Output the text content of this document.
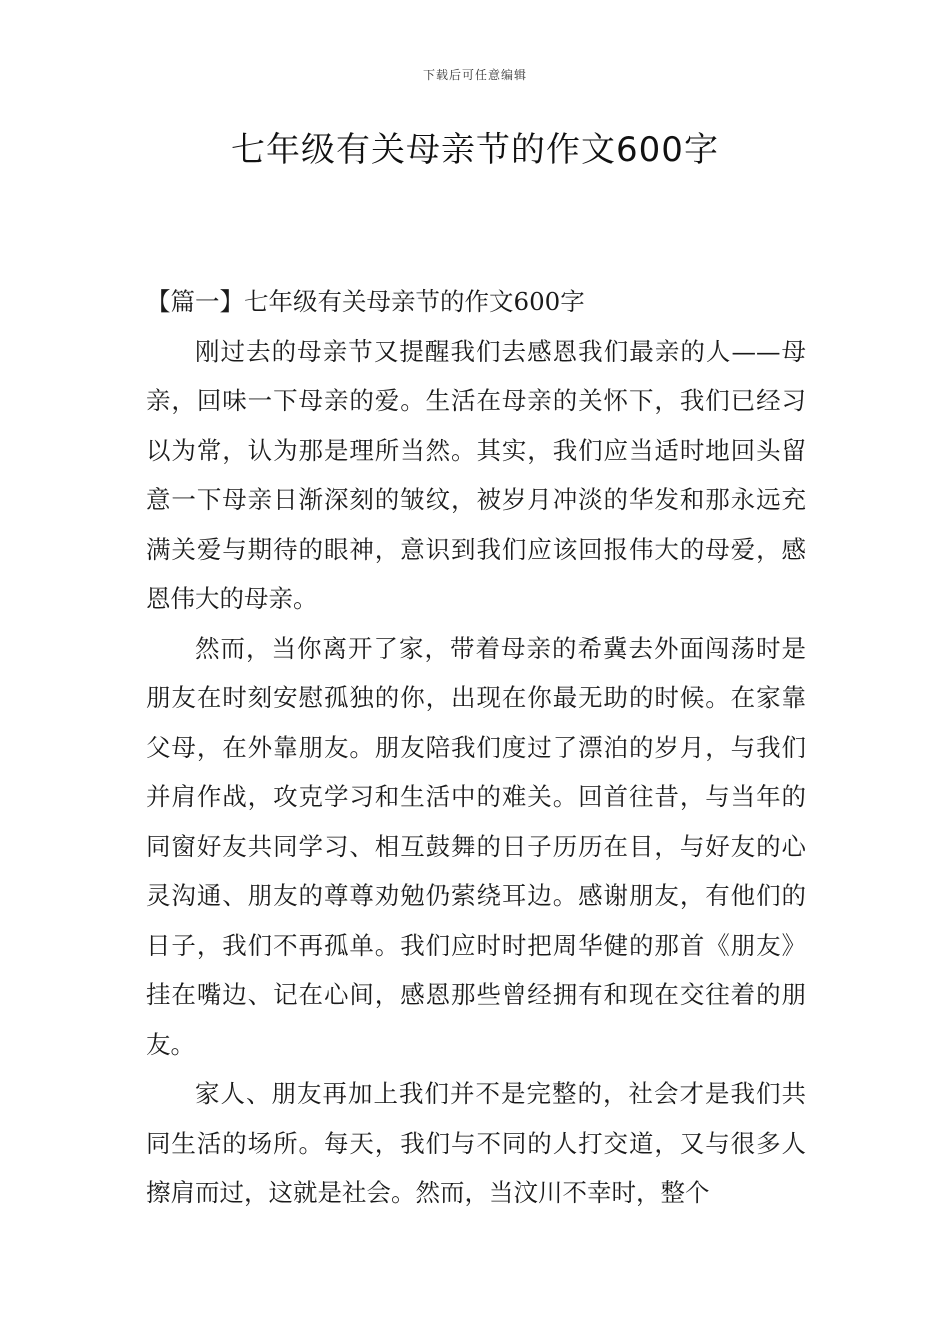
下载后可任意编辑
七年级有关母亲节的作文600字
【篇一】七年级有关母亲节的作文600字

刚过去的母亲节又提醒我们去感恩我们最亲的人——母亲，回味一下母亲的爱。生活在母亲的关怀下，我们已经习以为常，认为那是理所当然。其实，我们应当适时地回头留意一下母亲日渐深刻的皱纹，被岁月冲淡的华发和那永远充满关爱与期待的眼神，意识到我们应该回报伟大的母爱，感恩伟大的母亲。

然而，当你离开了家，带着母亲的希冀去外面闯荡时是朋友在时刻安慰孤独的你，出现在你最无助的时候。在家靠父母，在外靠朋友。朋友陪我们度过了漂泊的岁月，与我们并肩作战，攻克学习和生活中的难关。回首往昔，与当年的同窗好友共同学习、相互鼓舞的日子历历在目，与好友的心灵沟通、朋友的尊尊劝勉仍萦绕耳边。感谢朋友，有他们的日子，我们不再孤单。我们应时时把周华健的那首《朋友》挂在嘴边、记在心间，感恩那些曾经拥有和现在交往着的朋友。

家人、朋友再加上我们并不是完整的，社会才是我们共同生活的场所。每天，我们与不同的人打交道，又与很多人擦肩而过，这就是社会。然而，当汶川不幸时，整个
